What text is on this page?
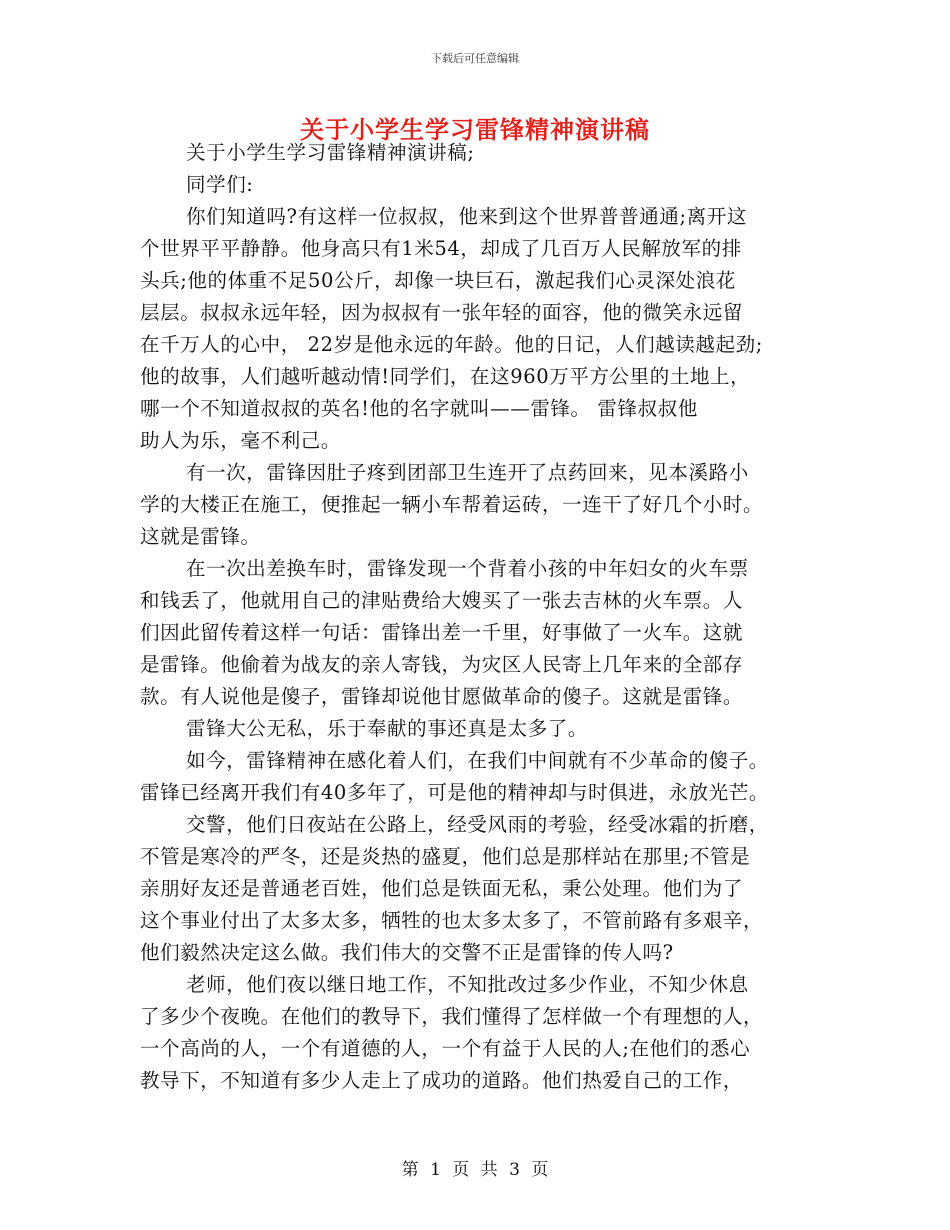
下载后可任意编辑
关于小学生学习雷锋精神演讲稿
关于小学生学习雷锋精神演讲稿;
同学们:
你们知道吗?有这样一位叔叔，他来到这个世界普普通通;离开这
个世界平平静静。他身高只有1米54，却成了几百万人民解放军的排
头兵;他的体重不足50公斤，却像一块巨石，激起我们心灵深处浪花
层层。叔叔永远年轻，因为叔叔有一张年轻的面容，他的微笑永远留
在千万人的心中， 22岁是他永远的年龄。他的日记，人们越读越起劲;
他的故事，人们越听越动情!同学们，在这960万平方公里的土地上，
哪一个不知道叔叔的英名!他的名字就叫——雷锋。 雷锋叔叔他
助人为乐，毫不利己。
有一次，雷锋因肚子疼到团部卫生连开了点药回来，见本溪路小
学的大楼正在施工，便推起一辆小车帮着运砖，一连干了好几个小时。
这就是雷锋。
在一次出差换车时，雷锋发现一个背着小孩的中年妇女的火车票
和钱丢了，他就用自己的津贴费给大嫂买了一张去吉林的火车票。人
们因此留传着这样一句话：雷锋出差一千里，好事做了一火车。这就
是雷锋。他偷着为战友的亲人寄钱，为灾区人民寄上几年来的全部存
款。有人说他是傻子，雷锋却说他甘愿做革命的傻子。这就是雷锋。
雷锋大公无私，乐于奉献的事还真是太多了。
如今，雷锋精神在感化着人们，在我们中间就有不少革命的傻子。
雷锋已经离开我们有40多年了，可是他的精神却与时俱进，永放光芒。
交警，他们日夜站在公路上，经受风雨的考验，经受冰霜的折磨，
不管是寒冷的严冬，还是炎热的盛夏，他们总是那样站在那里;不管是
亲朋好友还是普通老百姓，他们总是铁面无私，秉公处理。他们为了
这个事业付出了太多太多，牺牲的也太多太多了，不管前路有多艰辛，
他们毅然决定这么做。我们伟大的交警不正是雷锋的传人吗?
老师，他们夜以继日地工作，不知批改过多少作业，不知少休息
了多少个夜晚。在他们的教导下，我们懂得了怎样做一个有理想的人，
一个高尚的人，一个有道德的人，一个有益于人民的人;在他们的悉心
教导下，不知道有多少人走上了成功的道路。他们热爱自己的工作，
第 1 页 共 3 页
